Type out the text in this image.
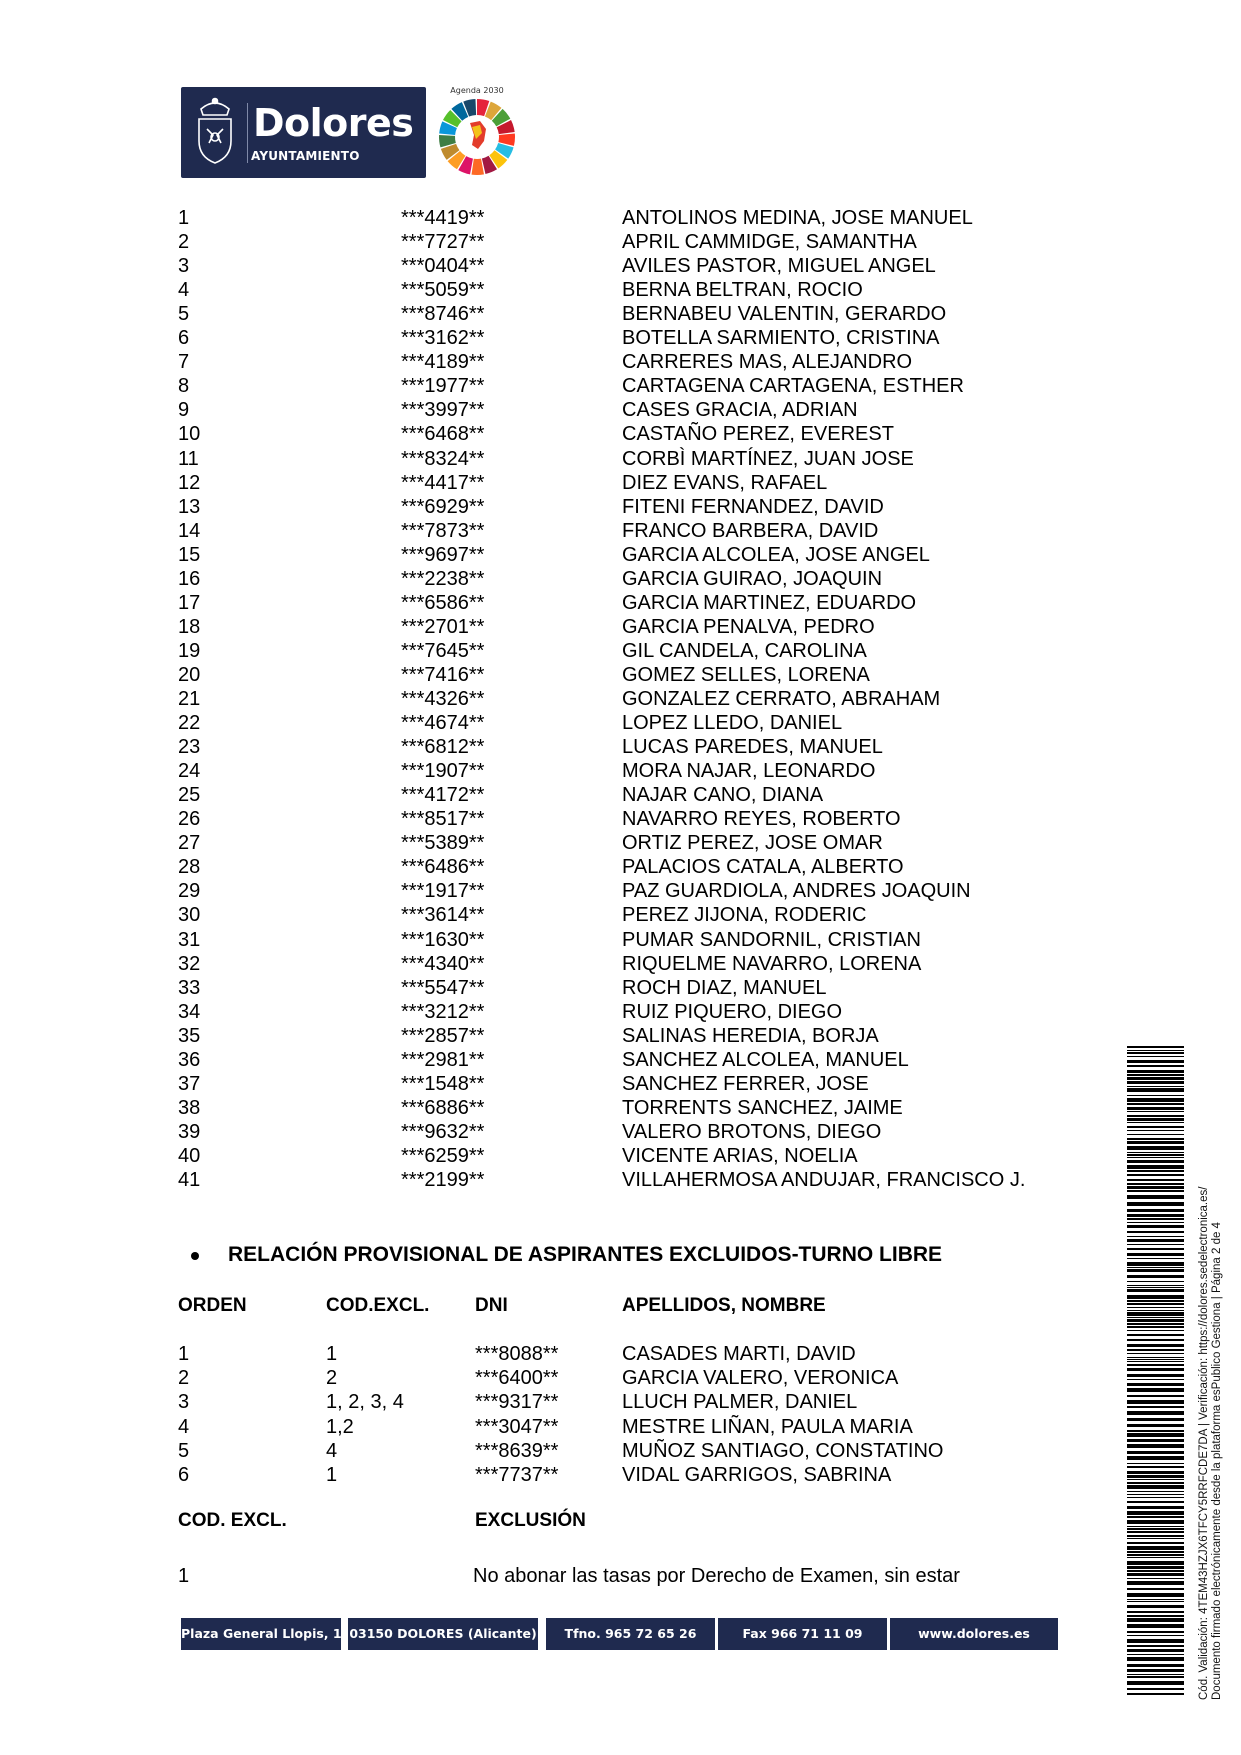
Dolores
AYUNTAMIENTO
Agenda 2030
1	***4419**	ANTOLINOS MEDINA, JOSE MANUEL
2	***7727**	APRIL CAMMIDGE, SAMANTHA
3	***0404**	AVILES PASTOR, MIGUEL ANGEL
4	***5059**	BERNA BELTRAN, ROCIO
5	***8746**	BERNABEU VALENTIN, GERARDO
6	***3162**	BOTELLA SARMIENTO, CRISTINA
7	***4189**	CARRERES MAS, ALEJANDRO
8	***1977**	CARTAGENA CARTAGENA, ESTHER
9	***3997**	CASES GRACIA, ADRIAN
10	***6468**	CASTAÑO PEREZ, EVEREST
11	***8324**	CORBÌ MARTÍNEZ, JUAN JOSE
12	***4417**	DIEZ EVANS, RAFAEL
13	***6929**	FITENI FERNANDEZ, DAVID
14	***7873**	FRANCO BARBERA, DAVID
15	***9697**	GARCIA ALCOLEA, JOSE ANGEL
16	***2238**	GARCIA GUIRAO, JOAQUIN
17	***6586**	GARCIA MARTINEZ, EDUARDO
18	***2701**	GARCIA PENALVA, PEDRO
19	***7645**	GIL CANDELA, CAROLINA
20	***7416**	GOMEZ SELLES, LORENA
21	***4326**	GONZALEZ CERRATO, ABRAHAM
22	***4674**	LOPEZ LLEDO, DANIEL
23	***6812**	LUCAS PAREDES, MANUEL
24	***1907**	MORA NAJAR, LEONARDO
25	***4172**	NAJAR CANO, DIANA
26	***8517**	NAVARRO REYES, ROBERTO
27	***5389**	ORTIZ PEREZ, JOSE OMAR
28	***6486**	PALACIOS CATALA, ALBERTO
29	***1917**	PAZ GUARDIOLA, ANDRES JOAQUIN
30	***3614**	PEREZ JIJONA, RODERIC
31	***1630**	PUMAR SANDORNIL, CRISTIAN
32	***4340**	RIQUELME NAVARRO, LORENA
33	***5547**	ROCH DIAZ, MANUEL
34	***3212**	RUIZ PIQUERO, DIEGO
35	***2857**	SALINAS HEREDIA, BORJA
36	***2981**	SANCHEZ ALCOLEA, MANUEL
37	***1548**	SANCHEZ FERRER, JOSE
38	***6886**	TORRENTS SANCHEZ, JAIME
39	***9632**	VALERO BROTONS, DIEGO
40	***6259**	VICENTE ARIAS, NOELIA
41	***2199**	VILLAHERMOSA ANDUJAR, FRANCISCO J.
RELACIÓN PROVISIONAL DE ASPIRANTES EXCLUIDOS-TURNO LIBRE
ORDEN	COD.EXCL. DNI	APELLIDOS, NOMBRE
1	1	***8088**	CASADES MARTI, DAVID
2	2	***6400**	GARCIA VALERO, VERONICA
3	1, 2, 3, 4	***9317**	LLUCH PALMER, DANIEL
4	1,2	***3047**	MESTRE LIÑAN, PAULA MARIA
5	4	***8639**	MUÑOZ SANTIAGO, CONSTATINO
6	1	***7737**	VIDAL GARRIGOS, SABRINA
COD. EXCL.	EXCLUSIÓN
1	No abonar las tasas por Derecho de Examen, sin estar
Plaza General Llopis, 1 03150 DOLORES (Alicante)	Tfno. 965 72 65 26	Fax 966 71 11 09	www.dolores.es	Cód. Validación: 4TEM43HZJX6TFCY5RRFCDE7DA | Verificación: https://dolores.sedelectronica.es/ Documento firmado electrónicamente desde la plataforma esPublico Gestiona | Página 2 de 4
